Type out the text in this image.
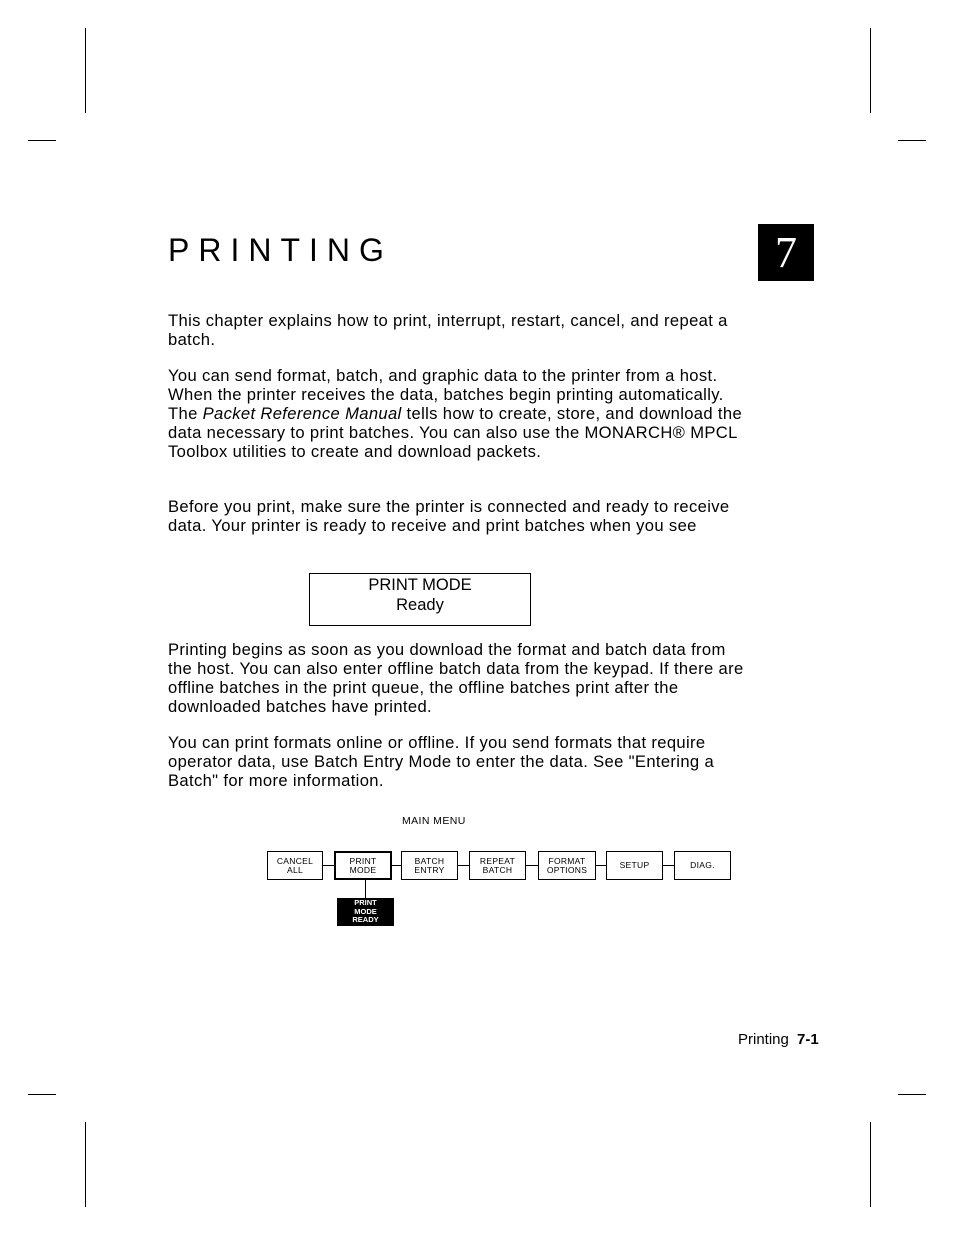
PRINTING	7

This chapter explains how to print, interrupt, restart, cancel, and repeat a batch.

You can send format, batch, and graphic data to the printer from a host. When the printer receives the data, batches begin printing automatically. The Packet Reference Manual tells how to create, store, and download the data necessary to print batches. You can also use the MONARCH® MPCL Toolbox utilities to create and download packets.

Before you print, make sure the printer is connected and ready to receive data. Your printer is ready to receive and print batches when you see

PRINT MODE
Ready

Printing begins as soon as you download the format and batch data from the host. You can also enter offline batch data from the keypad. If there are offline batches in the print queue, the offline batches print after the downloaded batches have printed.

You can print formats online or offline. If you send formats that require operator data, use Batch Entry Mode to enter the data. See "Entering a Batch" for more information.

MAIN MENU
CANCEL
ALL
PRINT
MODE
BATCH
ENTRY
REPEAT
BATCH
FORMAT
OPTIONS	SETUP	DIAG.
PRINT
MODE
READY
Printing 7-1
